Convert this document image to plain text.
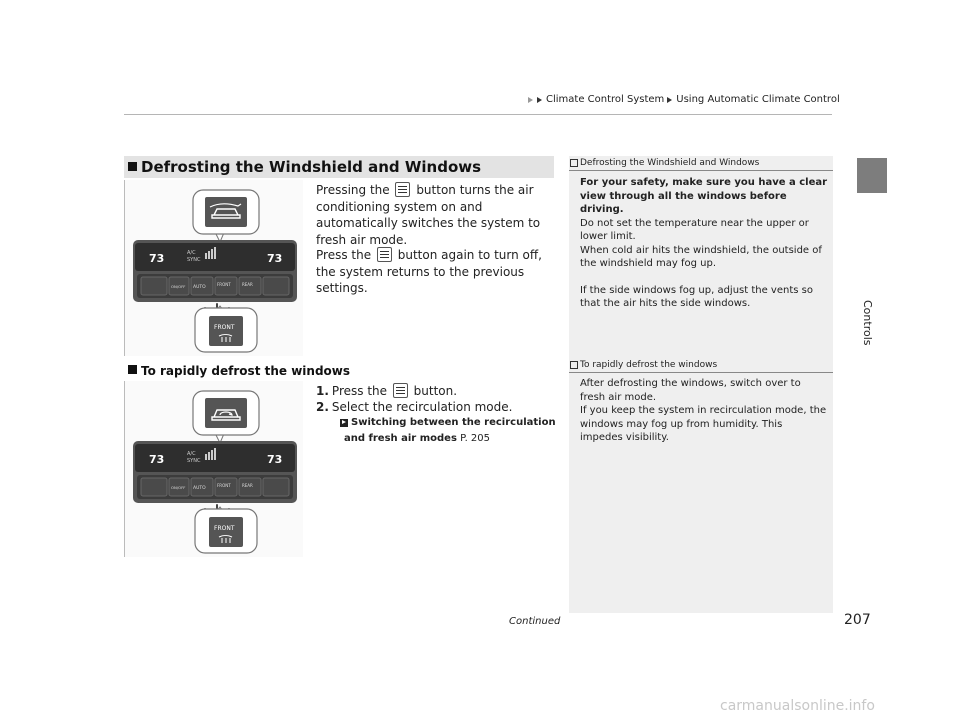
Climate Control System Using Automatic Climate Control
Controls
Defrosting the Windshield and Windows
73	73
A/C
SYNC
ON/OFF AUTO
FRONT	REAR
FRONT
Pressing the button turns the air conditioning system on and automatically switches the system to fresh air mode.
Press the button again to turn off, the system returns to the previous settings.
To rapidly defrost the windows
73	73
A/C
SYNC
ON/OFF AUTO
FRONT	REAR
FRONT
1. Press the button.
2. Select the recirculation mode.
Switching between the recirculation
and fresh air modes P. 205
Defrosting the Windshield and Windows

For your safety, make sure you have a clear view through all the windows before driving.

Do not set the temperature near the upper or lower limit.

When cold air hits the windshield, the outside of the windshield may fog up.

If the side windows fog up, adjust the vents so that the air hits the side windows.

To rapidly defrost the windows

After defrosting the windows, switch over to fresh air mode.

If you keep the system in recirculation mode, the windows may fog up from humidity. This impedes visibility.

Continued	207
carmanualsonline.info
